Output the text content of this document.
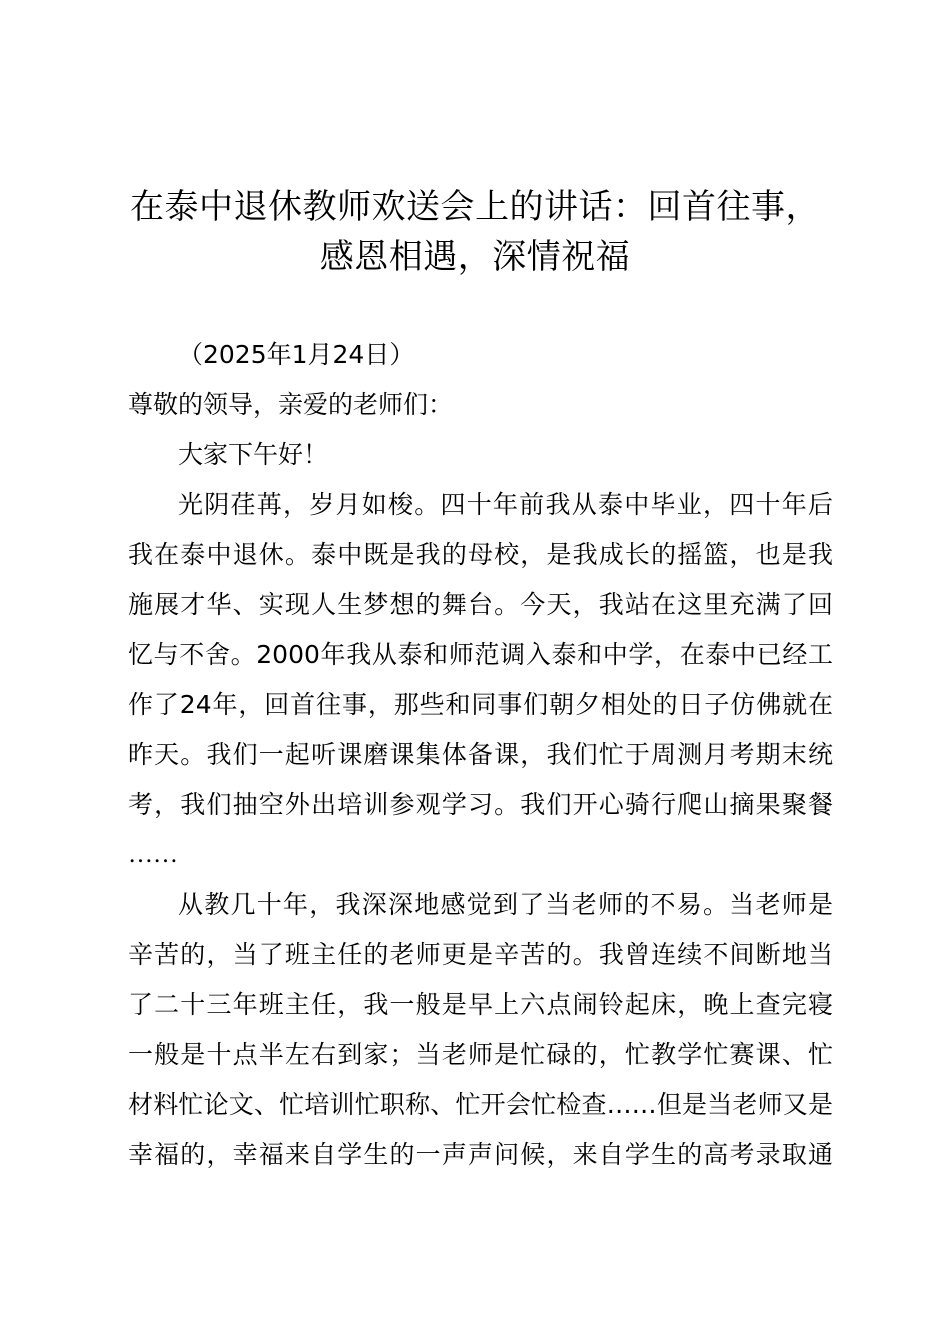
在泰中退休教师欢送会上的讲话：回首往事，
感恩相遇，深情祝福
（2025年1月24日）
尊敬的领导，亲爱的老师们：
大家下午好！
光阴荏苒，岁月如梭。四十年前我从泰中毕业，四十年后
我在泰中退休。泰中既是我的母校，是我成长的摇篮，也是我
施展才华、实现人生梦想的舞台。今天，我站在这里充满了回
忆与不舍。2000年我从泰和师范调入泰和中学，在泰中已经工
作了24年，回首往事，那些和同事们朝夕相处的日子仿佛就在
昨天。我们一起听课磨课集体备课，我们忙于周测月考期末统
考，我们抽空外出培训参观学习。我们开心骑行爬山摘果聚餐
……
从教几十年，我深深地感觉到了当老师的不易。当老师是
辛苦的，当了班主任的老师更是辛苦的。我曾连续不间断地当
了二十三年班主任，我一般是早上六点闹铃起床，晚上查完寝
一般是十点半左右到家；当老师是忙碌的，忙教学忙赛课、忙
材料忙论文、忙培训忙职称、忙开会忙检查……但是当老师又是
幸福的，幸福来自学生的一声声问候，来自学生的高考录取通
